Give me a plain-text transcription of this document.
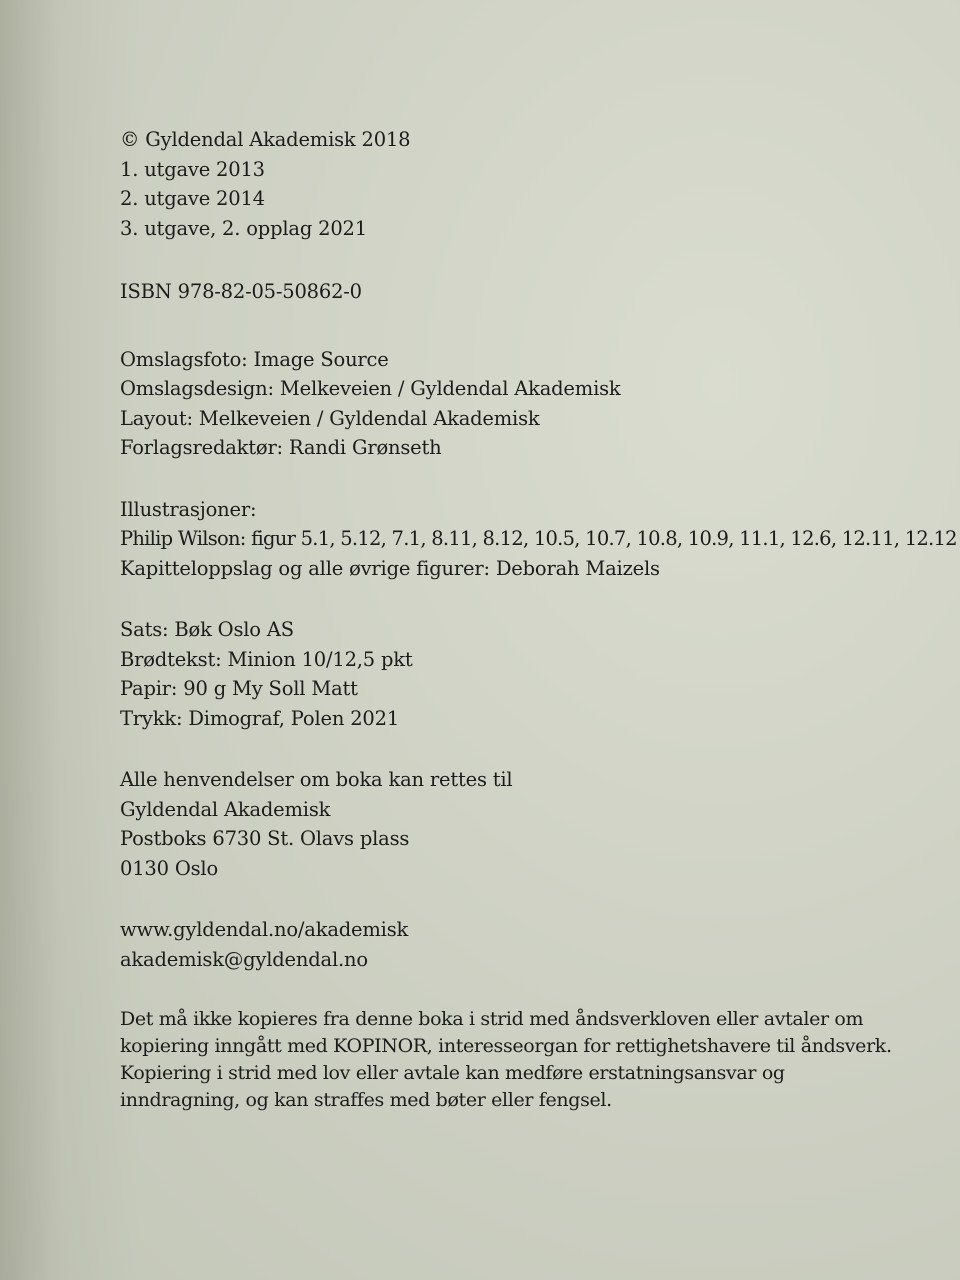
© Gyldendal Akademisk 2018
1. utgave 2013
2. utgave 2014
3. utgave, 2. opplag 2021
ISBN 978-82-05-50862-0
Omslagsfoto: Image Source
Omslagsdesign: Melkeveien / Gyldendal Akademisk
Layout: Melkeveien / Gyldendal Akademisk
Forlagsredaktør: Randi Grønseth
Illustrasjoner:
Philip Wilson: figur 5.1, 5.12, 7.1, 8.11, 8.12, 10.5, 10.7, 10.8, 10.9, 11.1, 12.6, 12.11, 12.12
Kapitteloppslag og alle øvrige figurer: Deborah Maizels
Sats: Bøk Oslo AS
Brødtekst: Minion 10/12,5 pkt
Papir: 90 g My Soll Matt
Trykk: Dimograf, Polen 2021
Alle henvendelser om boka kan rettes til
Gyldendal Akademisk
Postboks 6730 St. Olavs plass
0130 Oslo
www.gyldendal.no/akademisk
akademisk@gyldendal.no
Det må ikke kopieres fra denne boka i strid med åndsverkloven eller avtaler om
kopiering inngått med KOPINOR, interesseorgan for rettighetshavere til åndsverk.
Kopiering i strid med lov eller avtale kan medføre erstatningsansvar og
inndragning, og kan straffes med bøter eller fengsel.
